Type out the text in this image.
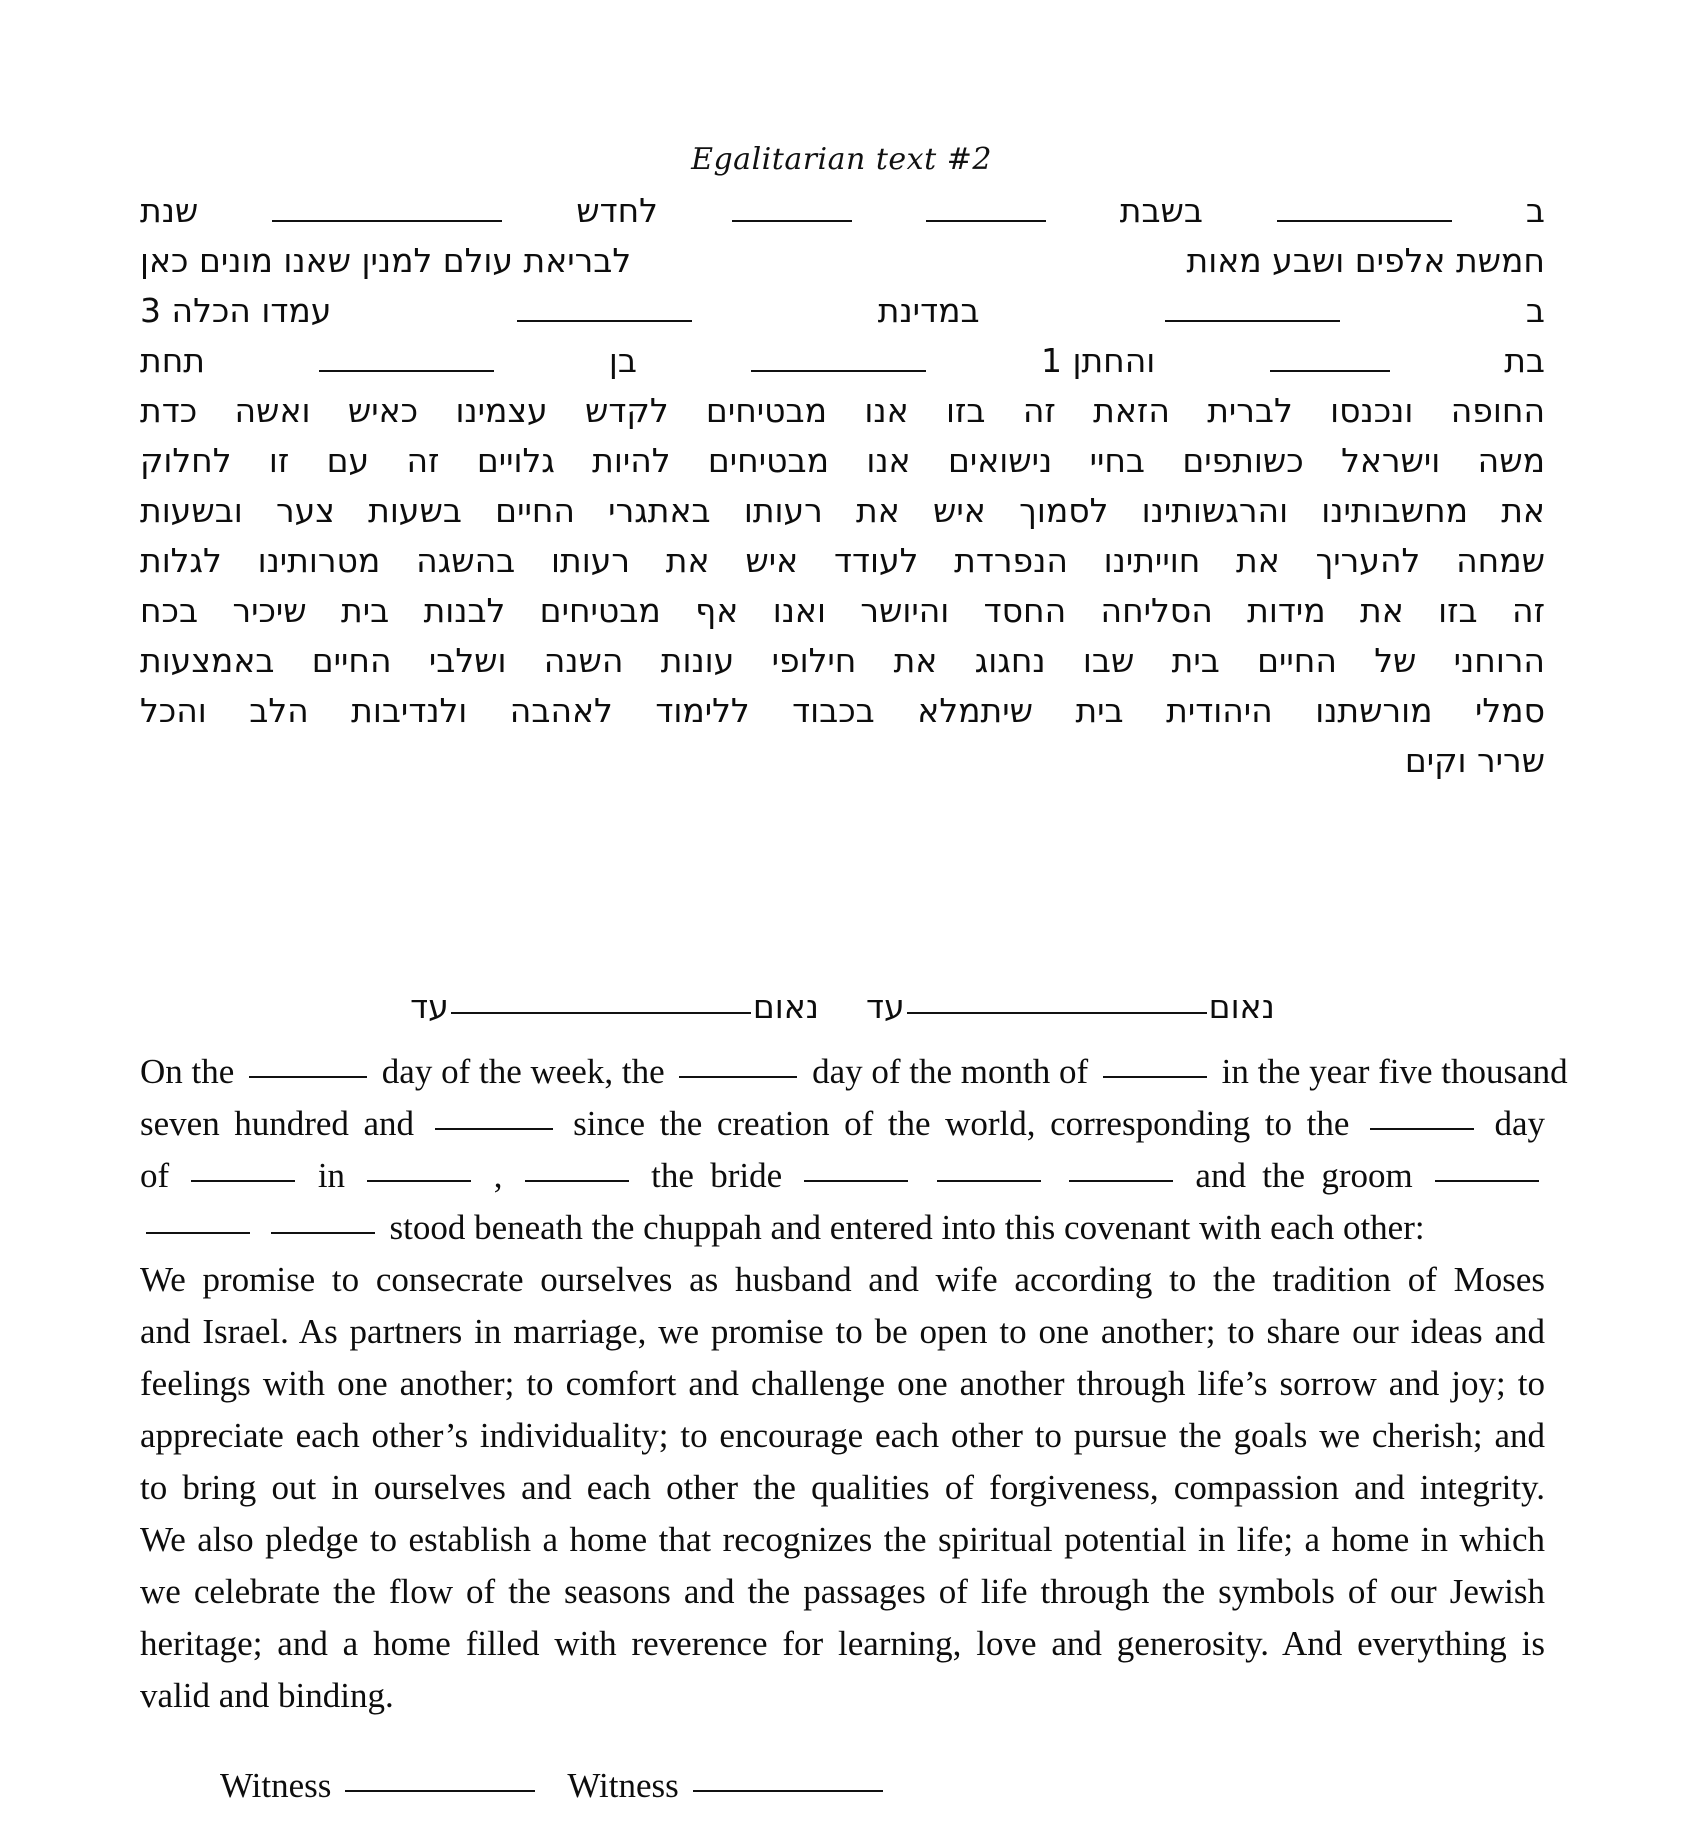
Egalitarian text #2
ב
בשבת
לחדש
שנת
חמשת אלפים ושבע מאות
לבריאת עולם למנין שאנו מונים כאן
ב
במדינת
עמדו הכלה 3
בת
והחתן 1
בן
תחת
החופה ונכנסו לברית הזאת זה בזו אנו מבטיחים לקדש עצמינו כאיש ואשה כדת
משה וישראל כשותפים בחיי נישואים אנו מבטיחים להיות גלויים זה עם זו לחלוק
את מחשבותינו והרגשותינו לסמוך איש את רעותו באתגרי החיים בשעות צער ובשעות
שמחה להעריך את חוייתינו הנפרדת לעודד איש את רעותו בהשגה מטרותינו לגלות
זה בזו את מידות הסליחה החסד והיושר ואנו אף מבטיחים לבנות בית שיכיר בכח
הרוחני של החיים בית שבו נחגוג את חילופי עונות השנה ושלבי החיים באמצעות
סמלי מורשתנו היהודית בית שיתמלא בכבוד ללימוד לאהבה ולנדיבות הלב והכל
שריר וקים
נאוםעד  נאוםעד
On the	day of the week, the	day of the month of	in the year five thousand
seven hundred and	since the creation of the world, corresponding to the	day
of	in	,	the bride	and the groom
stood beneath the chuppah and entered into this covenant with each other:
We promise to consecrate ourselves as husband and wife according to the tradition of Moses
and Israel. As partners in marriage, we promise to be open to one another; to share our ideas and
feelings with one another; to comfort and challenge one another through life’s sorrow and joy; to
appreciate each other’s individuality; to encourage each other to pursue the goals we cherish; and
to bring out in ourselves and each other the qualities of forgiveness, compassion and integrity.
We also pledge to establish a home that recognizes the spiritual potential in life; a home in which
we celebrate the flow of the seasons and the passages of life through the symbols of our Jewish
heritage; and a home filled with reverence for learning, love and generosity. And everything is
valid and binding.
Witness	Witness
